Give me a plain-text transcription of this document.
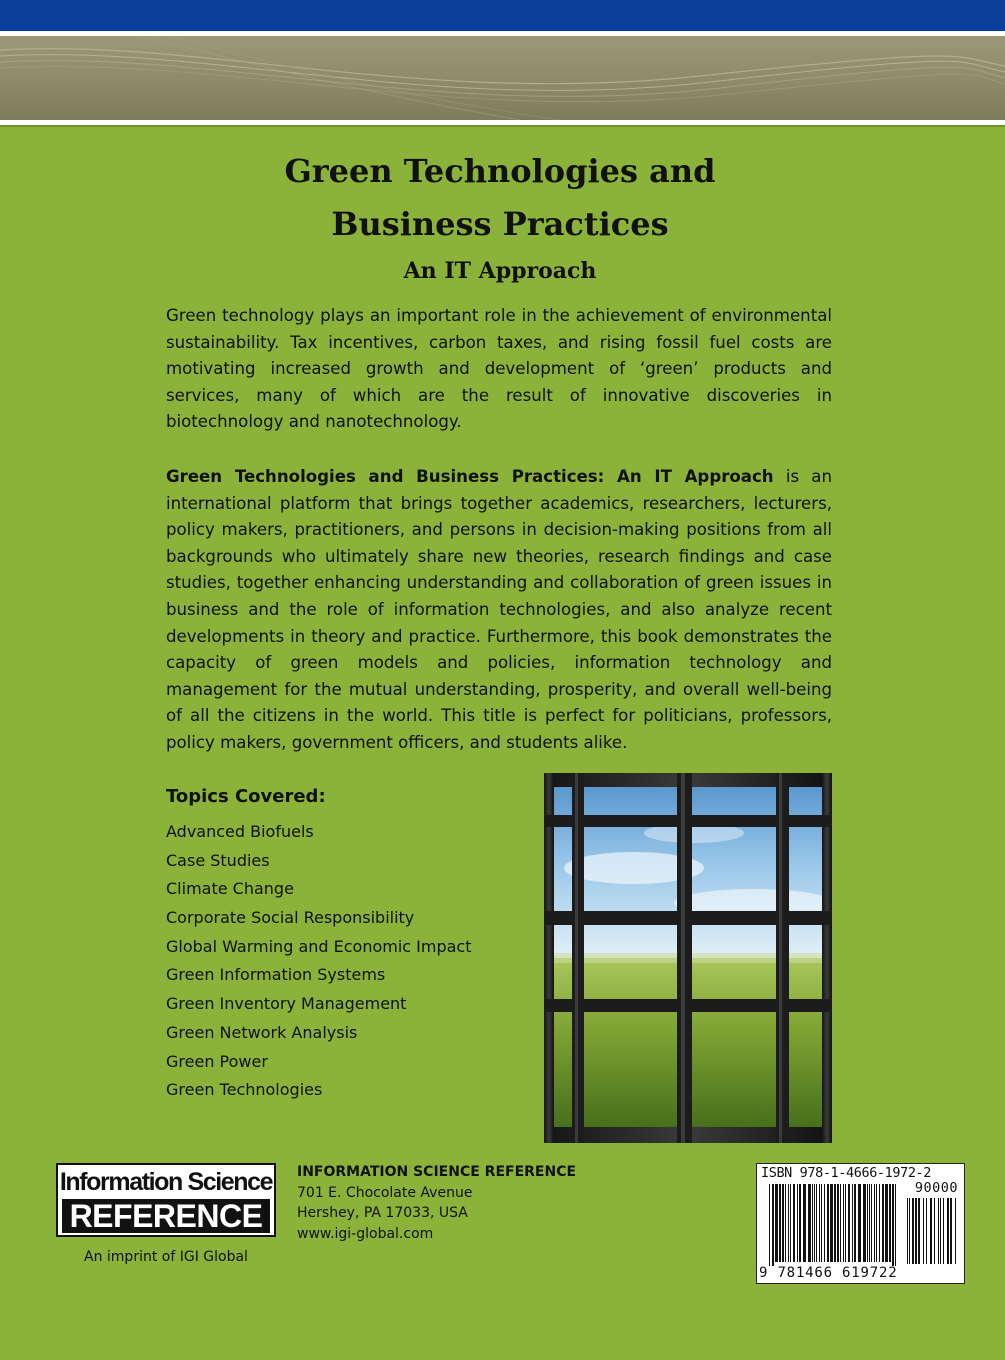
Green Technologies and
Business Practices
An IT Approach

Green technology plays an important role in the achievement of environmental sustainability. Tax incentives, carbon taxes, and rising fossil fuel costs are motivating increased growth and development of ‘green’ products and services, many of which are the result of innovative discoveries in biotechnology and nanotechnology.

Green Technologies and Business Practices: An IT Approach is an international platform that brings together academics, researchers, lecturers, policy makers, practitioners, and persons in decision-making positions from all backgrounds who ultimately share new theories, research findings and case studies, together enhancing understanding and collaboration of green issues in business and the role of information technologies, and also analyze recent developments in theory and practice. Furthermore, this book demonstrates the capacity of green models and policies, information technology and management for the mutual understanding, prosperity, and overall well-being of all the citizens in the world. This title is perfect for politicians, professors, policy makers, government officers, and students alike.

Topics Covered:
Advanced Biofuels
Case Studies
Climate Change
Corporate Social Responsibility
Global Warming and Economic Impact
Green Information Systems
Green Inventory Management
Green Network Analysis
Green Power
Green Technologies
Information Science
REFERENCE

An imprint of IGI Global

INFORMATION SCIENCE REFERENCE
701 E. Chocolate Avenue
Hershey, PA 17033, USA
www.igi-global.com
ISBN 978-1-4666-1972-2
90000
9 781466 619722
